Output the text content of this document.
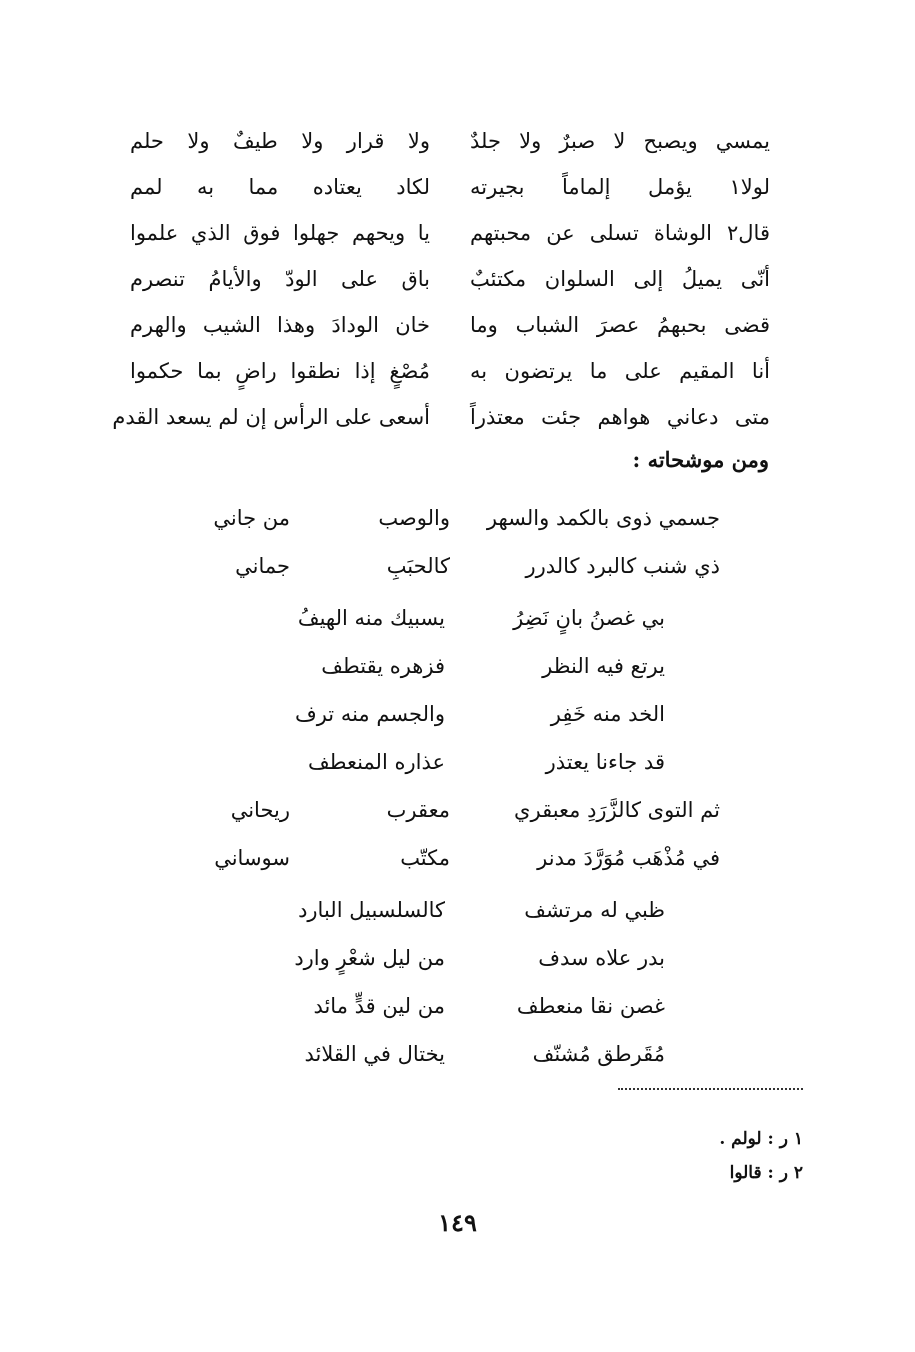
يمسي ويصبح لا صبرٌ ولا جلدٌ
ولا قرار ولا طيفٌ ولا حلم
لولا١ يؤمل إلماماً بجيرته
لكاد يعتاده مما به لمم
قال٢ الوشاة تسلى عن محبتهم
يا ويحهم جهلوا فوق الذي علموا
أنّى يميلُ إلى السلوان مكتئبٌ
باق على الودّ والأيامُ تنصرم
قضى بحبهمُ عصرَ الشباب وما
خان الودادَ وهذا الشيب والهرم
أنا المقيم على ما يرتضون به
مُصْغٍ إذا نطقوا راضٍ بما حكموا
متى دعاني هواهم جئت معتذراً
أسعى على الرأس إن لم يسعد القدم
ومن موشحاته :
جسمي ذوى بالكمد والسهر
والوصب
من جاني
ذي شنب كالبرد كالدرر
كالحبَبِ
جماني
بي غصنُ بانٍ نَضِرُ
يسبيك منه الهيفُ
يرتع فيه النظر
فزهره يقتطف
الخد منه خَفِر
والجسم منه ترف
قد جاءنا يعتذر
عذاره المنعطف
ثم التوى كالزَّرَدِ معبقري
معقرب
ريحاني
في مُذْهَب مُوَرَّدَ مدنر
مكتّب
سوساني
ظبي له مرتشف
كالسلسبيل البارد
بدر علاه سدف
من ليل شعْرٍ وارد
غصن نقا منعطف
من لين قدٍّ مائد
مُقَرطق مُشنّف
يختال في القلائد
١ ر : لولم .
٢ ر : قالوا
١٤٩
